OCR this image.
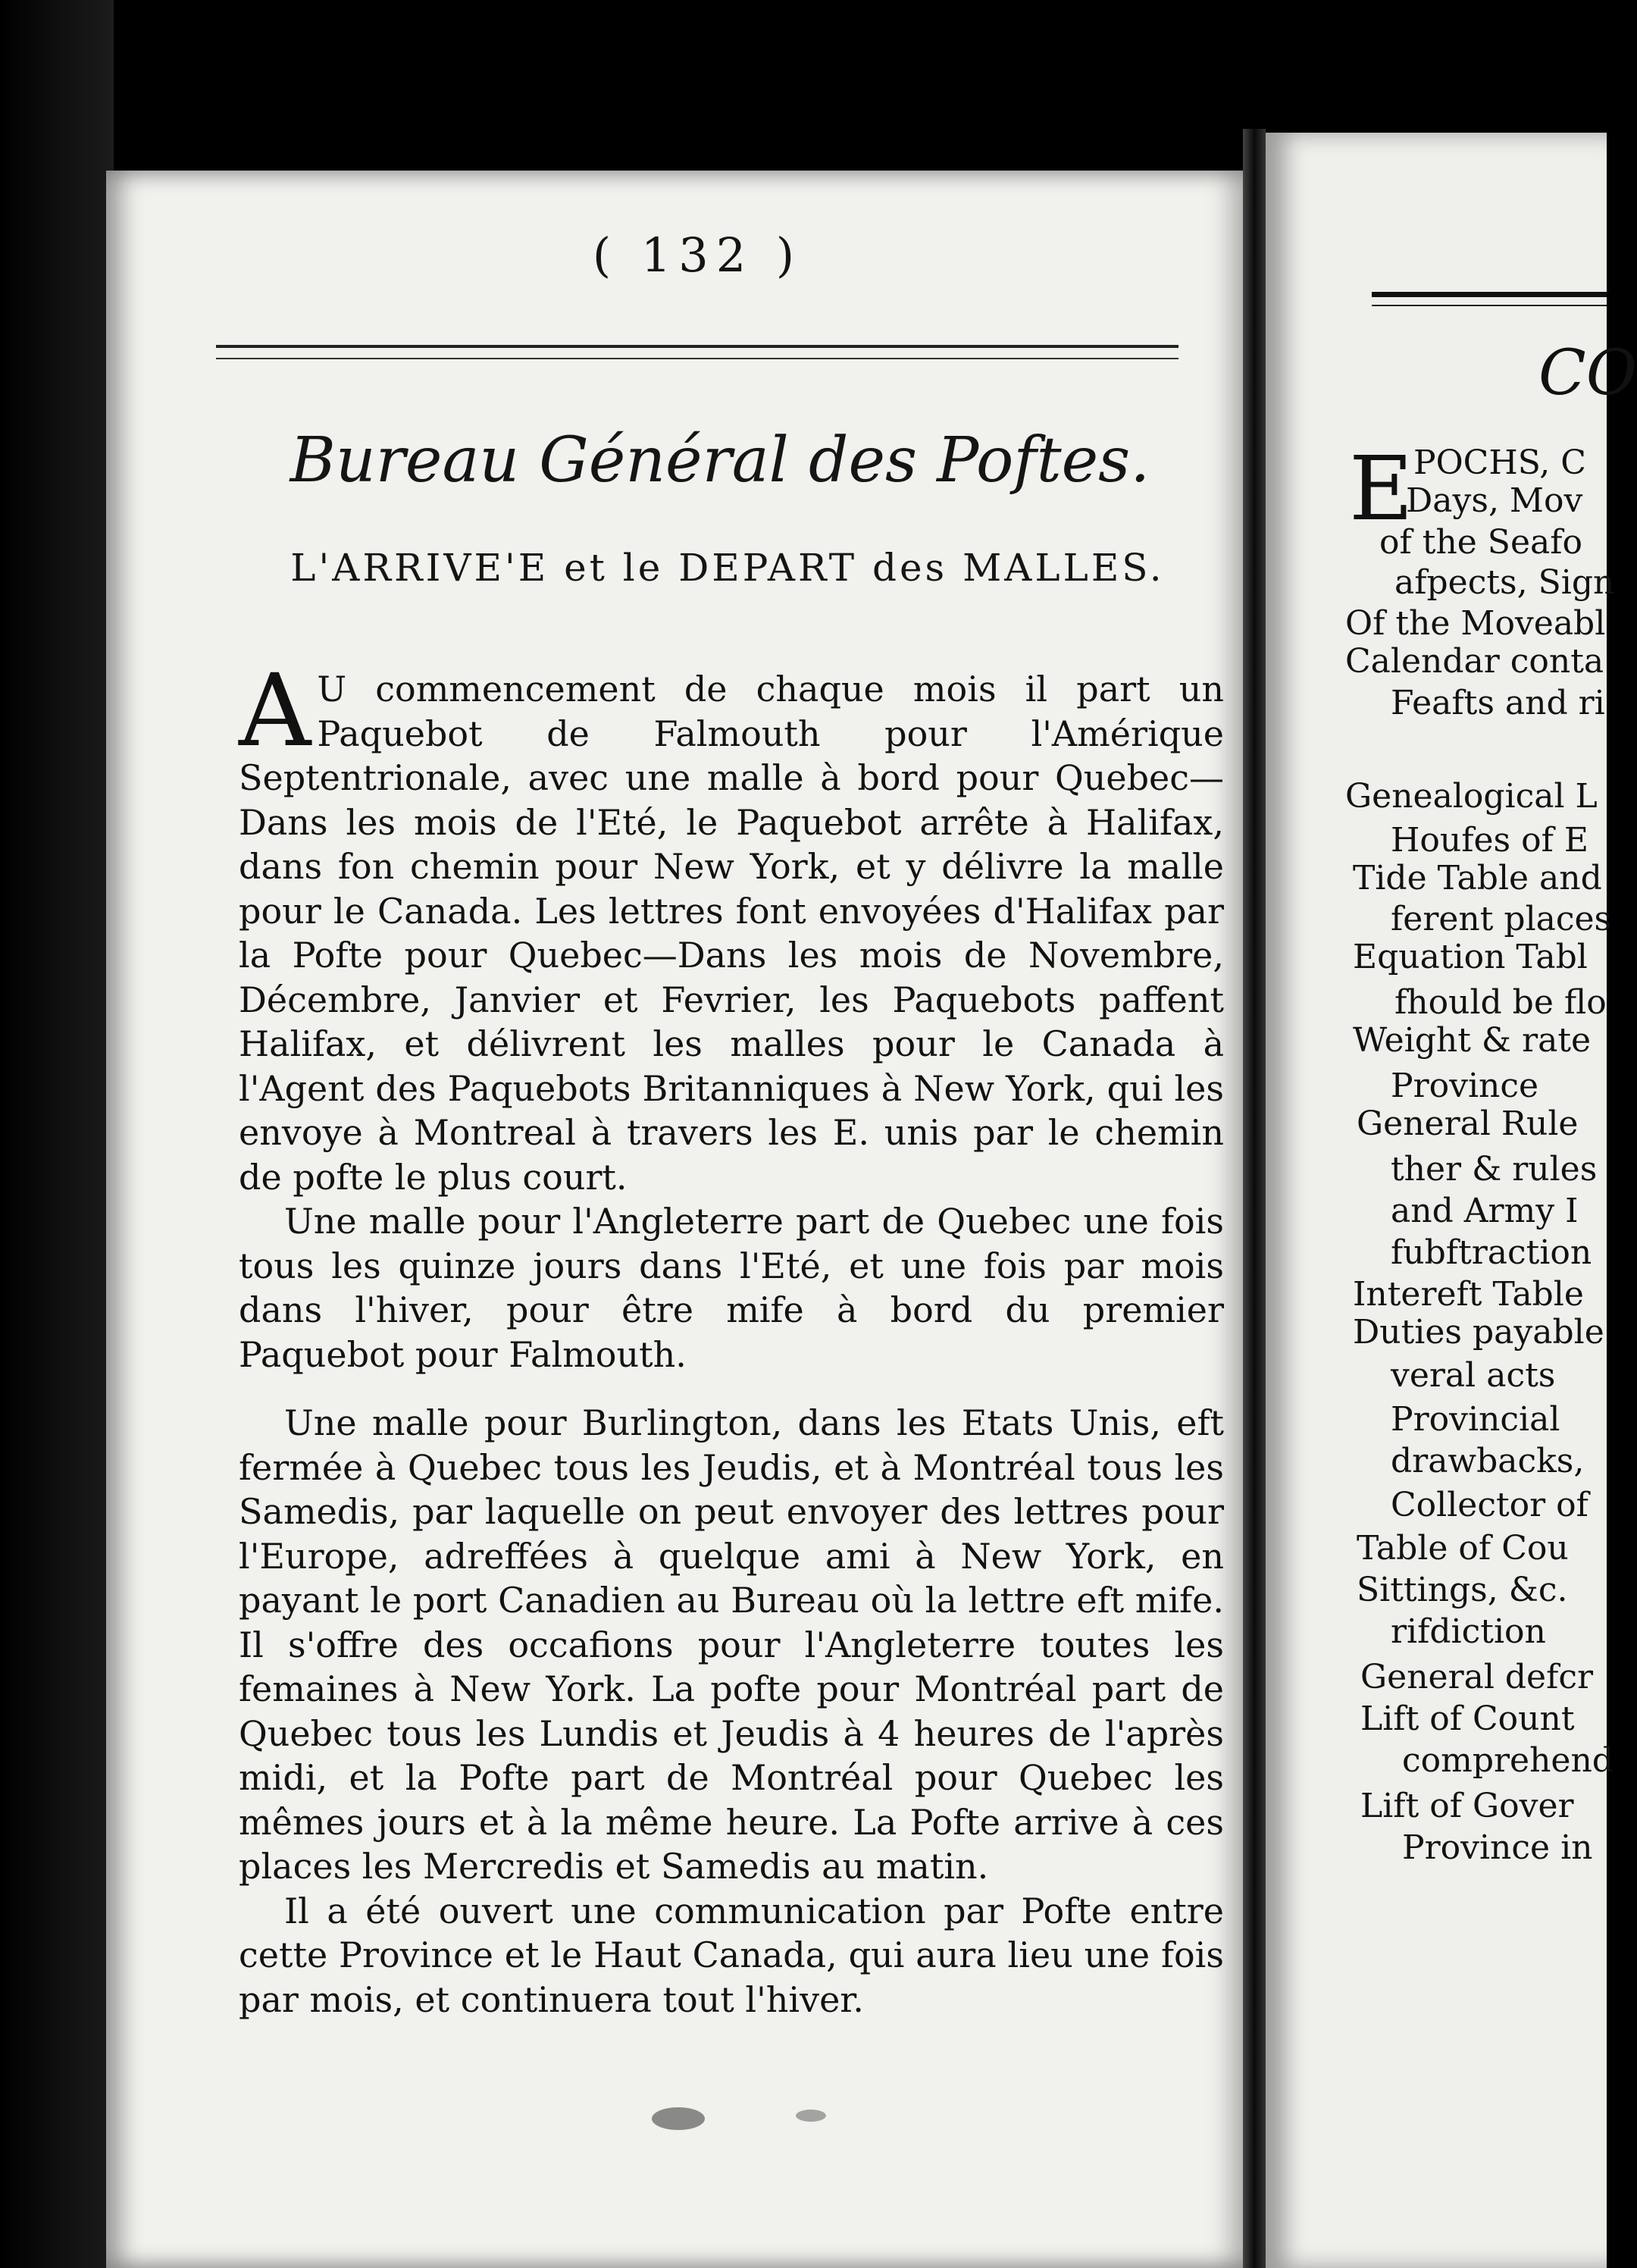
( 132 )
Bureau Général des Poftes.
L'ARRIVE'E et le DEPART des MALLES.

A U commencement de chaque mois il part un Paquebot de Falmouth pour l'Amérique Septentrionale, avec une malle à bord pour Quebec—Dans les mois de l'Eté, le Paquebot arrête à Halifax, dans fon chemin pour New York, et y délivre la malle pour le Canada. Les lettres font envoyées d'Halifax par la Pofte pour Quebec—Dans les mois de Novembre, Décembre, Janvier et Fevrier, les Paquebots paffent Halifax, et délivrent les malles pour le Canada à l'Agent des Paquebots Britanniques à New York, qui les envoye à Montreal à travers les E. unis par le chemin de pofte le plus court.

Une malle pour l'Angleterre part de Quebec une fois tous les quinze jours dans l'Eté, et une fois par mois dans l'hiver, pour être mife à bord du premier Paquebot pour Falmouth.

Une malle pour Burlington, dans les Etats Unis, eft fermée à Quebec tous les Jeudis, et à Montréal tous les Samedis, par laquelle on peut envoyer des lettres pour l'Europe, adreffées à quelque ami à New York, en payant le port Canadien au Bureau où la lettre eft mife. Il s'offre des occafions pour l'Angleterre toutes les femaines à New York. La pofte pour Montréal part de Quebec tous les Lundis et Jeudis à 4 heures de l'après midi, et la Pofte part de Montréal pour Quebec les mêmes jours et à la même heure. La Pofte arrive à ces places les Mercredis et Samedis au matin.

Il a été ouvert une communication par Pofte entre cette Province et le Haut Canada, qui aura lieu une fois par mois, et continuera tout l'hiver.

CO
E POCHS, C
Days, Mov
of the Seafo
afpects, Sign
Of the Moveabl
Calendar conta
Feafts and ri
Genealogical L
Houfes of E
Tide Table and
ferent places
Equation Tabl
fhould be flo
Weight & rate
Province
General Rule
ther & rules
and Army I
fubftraction
Intereft Table
Duties payable
veral acts
Provincial
drawbacks,
Collector of
Table of Cou
Sittings, &c.
rifdiction
General defcr
Lift of Count
comprehend
Lift of Gover
Province in
